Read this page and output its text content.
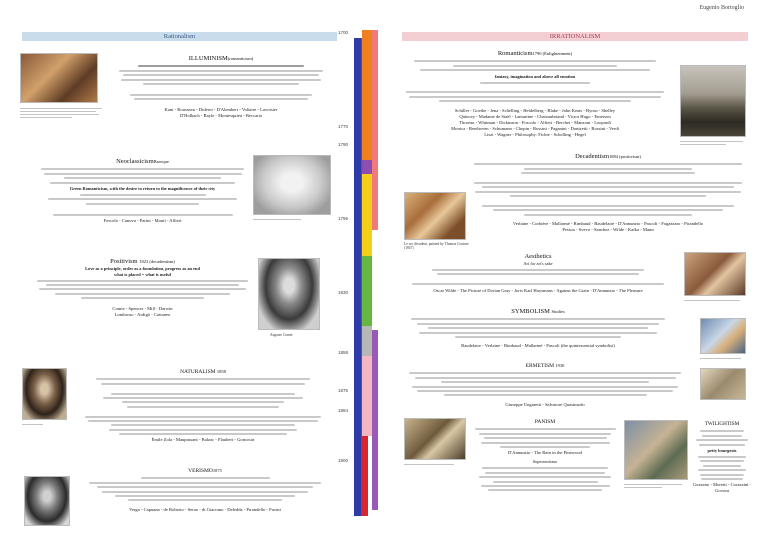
Eugenio Bortoglio
Rationalism	IRRATIONALISM
1700
1770
1790
1796
1830
1858
1875
1884
1900
ILLUMINISM(romanticism)
Kant - Rousseau - Diderot - D'Alembert - Voltaire - Lavoisier
D'Holbach - Bayle - Montesquieu - Beccaria
NeoclassicismBaroque
Green Romanticism, with the desire to return to the magnificence of their city
Foscolo - Canova - Parini - Monti - Alfieri
Positivism 1823 (decadentism)
Love as a principle, order as a foundation, progress as an end
what is placed = what is useful
Comte - Spencer - Mill - Darwin
Lombroso - Ardigò - Cattaneo
Auguste Comte
NATURALISM 1858
Émile Zola - Maupassant - Balzac - Flaubert - Goncourt
VERISMO1875
Verga - Capuana - de Roberto - Serao - di Giacomo - Deledda - Pirandello - Fucini
Romanticism1790 (Enlightenment)
fantasy, imagination and above all emotion
Schiller - Goethe - Jena - Schelling - Heidelberg - Blake - John Keats - Byron - Shelley
Quincey - Madame de Staël - Lamartine - Chateaubriand - Victor Hugo - Emerson
Thoreau - Whitman - Dickinson - Foscolo - Alfieri - Berchet - Manzoni - Leopardi
Monica - Beethoven - Schumann - Chopin - Rossini - Paganini - Donizetti - Rossini - Verdi
Liszt - Wagner - Philosophy: Fichte - Schelling - Hegel
Decadentism1884 (positivism)
Verlaine - Corbière - Mallarmé - Rimbaud - Baudelaire - D'Annunzio - Pascoli - Fogazzaro - Pirandello
Pessoa - Svevo - Sanchez - Wilde - Kafka - Mann
Le sec décadent, painted by Thomas Couture (1847)
Aesthetics
Art for art's sake
Oscar Wilde - The Picture of Dorian Gray - Joris Karl Huysmans - Against the Grain - D'Annunzio - The Pleasure
SYMBOLISM Studies
Baudelaire - Verlaine - Rimbaud - Mallarmé - Pascoli (the quintessential symbolist)
ERMETISM 1930
Giuseppe Ungaretti - Salvatore Quasimodo
PANISM
D'Annunzio - The Rain in the Pinewood
Superomismo
TWILIGHTISM
petty bourgeois
Gozzano - Moretti - Corazzini - Govoni
